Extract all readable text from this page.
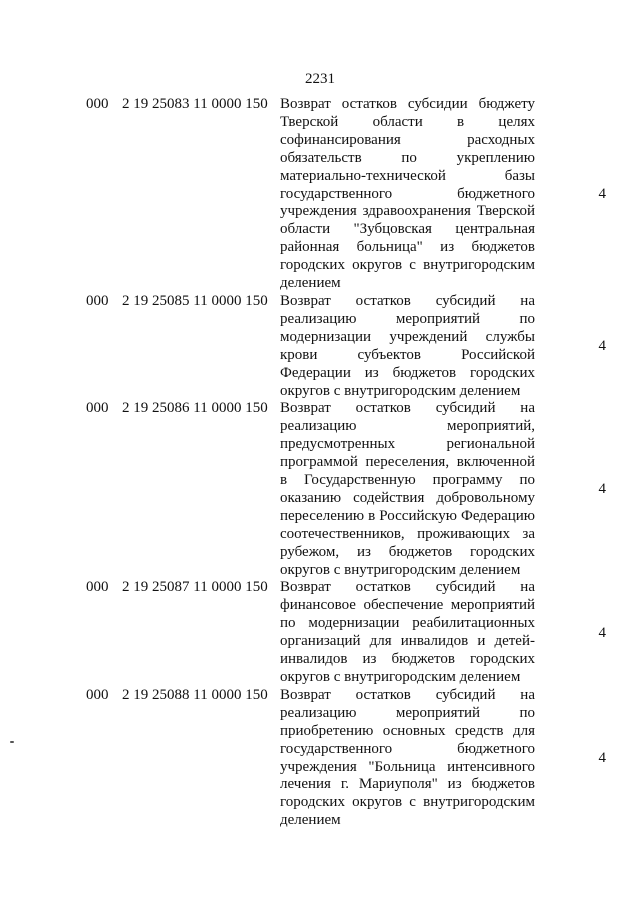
2231
000 2 19 25083 11 0000 150 Возврат остатков субсидии бюджету Тверской области в целях софинансирования расходных обязательств по укреплению материально-технической базы государственного бюджетного учреждения здравоохранения Тверской области "Зубцовская центральная районная больница" из бюджетов городских округов с внутригородским делением
4
000 2 19 25085 11 0000 150 Возврат остатков субсидий на реализацию мероприятий по модернизации учреждений службы крови субъектов Российской Федерации из бюджетов городских округов с внутригородским делением
4
000 2 19 25086 11 0000 150 Возврат остатков субсидий на реализацию мероприятий, предусмотренных региональной программой переселения, включенной в Государственную программу по оказанию содействия добровольному переселению в Российскую Федерацию соотечественников, проживающих за рубежом, из бюджетов городских округов с внутригородским делением
4
000 2 19 25087 11 0000 150 Возврат остатков субсидий на финансовое обеспечение мероприятий по модернизации реабилитационных организаций для инвалидов и детей-инвалидов из бюджетов городских округов с внутригородским делением
4
000 2 19 25088 11 0000 150 Возврат остатков субсидий на реализацию мероприятий по приобретению основных средств для государственного бюджетного учреждения "Больница интенсивного лечения г. Мариуполя" из бюджетов городских округов с внутригородским делением
4
